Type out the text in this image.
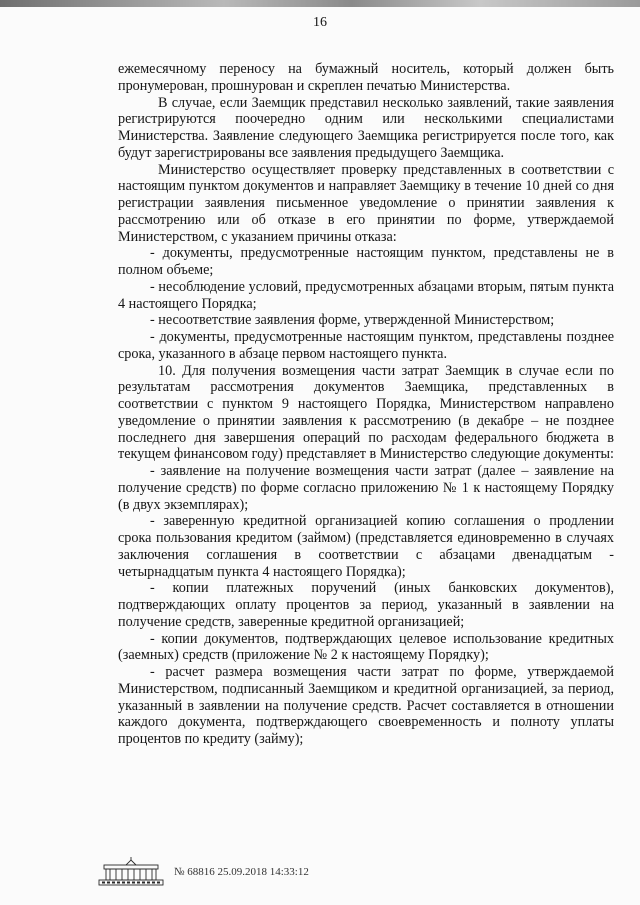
16

ежемесячному переносу на бумажный носитель, который должен быть пронумерован, прошнурован и скреплен печатью Министерства.

В случае, если Заемщик представил несколько заявлений, такие заявления регистрируются поочередно одним или несколькими специалистами Министерства. Заявление следующего Заемщика регистрируется после того, как будут зарегистрированы все заявления предыдущего Заемщика.

Министерство осуществляет проверку представленных в соответствии с настоящим пунктом документов и направляет Заемщику в течение 10 дней со дня регистрации заявления письменное уведомление о принятии заявления к рассмотрению или об отказе в его принятии по форме, утверждаемой Министерством, с указанием причины отказа:

- документы, предусмотренные настоящим пунктом, представлены не в полном объеме;

- несоблюдение условий, предусмотренных абзацами вторым, пятым пункта 4 настоящего Порядка;

- несоответствие заявления форме, утвержденной Министерством;

- документы, предусмотренные настоящим пунктом, представлены позднее срока, указанного в абзаце первом настоящего пункта.

10. Для получения возмещения части затрат Заемщик в случае если по результатам рассмотрения документов Заемщика, представленных в соответствии с пунктом 9 настоящего Порядка, Министерством направлено уведомление о принятии заявления к рассмотрению (в декабре – не позднее последнего дня завершения операций по расходам федерального бюджета в текущем финансовом году) представляет в Министерство следующие документы:

- заявление на получение возмещения части затрат (далее – заявление на получение средств) по форме согласно приложению № 1 к настоящему Порядку (в двух экземплярах);

- заверенную кредитной организацией копию соглашения о продлении срока пользования кредитом (займом) (представляется единовременно в случаях заключения соглашения в соответствии с абзацами двенадцатым - четырнадцатым пункта 4 настоящего Порядка);

- копии платежных поручений (иных банковских документов), подтверждающих оплату процентов за период, указанный в заявлении на получение средств, заверенные кредитной организацией;

- копии документов, подтверждающих целевое использование кредитных (заемных) средств (приложение № 2 к настоящему Порядку);

- расчет размера возмещения части затрат по форме, утверждаемой Министерством, подписанный Заемщиком и кредитной организацией, за период, указанный в заявлении на получение средств. Расчет составляется в отношении каждого документа, подтверждающего своевременность и полноту уплаты процентов по кредиту (займу);

№ 68816 25.09.2018 14:33:12
